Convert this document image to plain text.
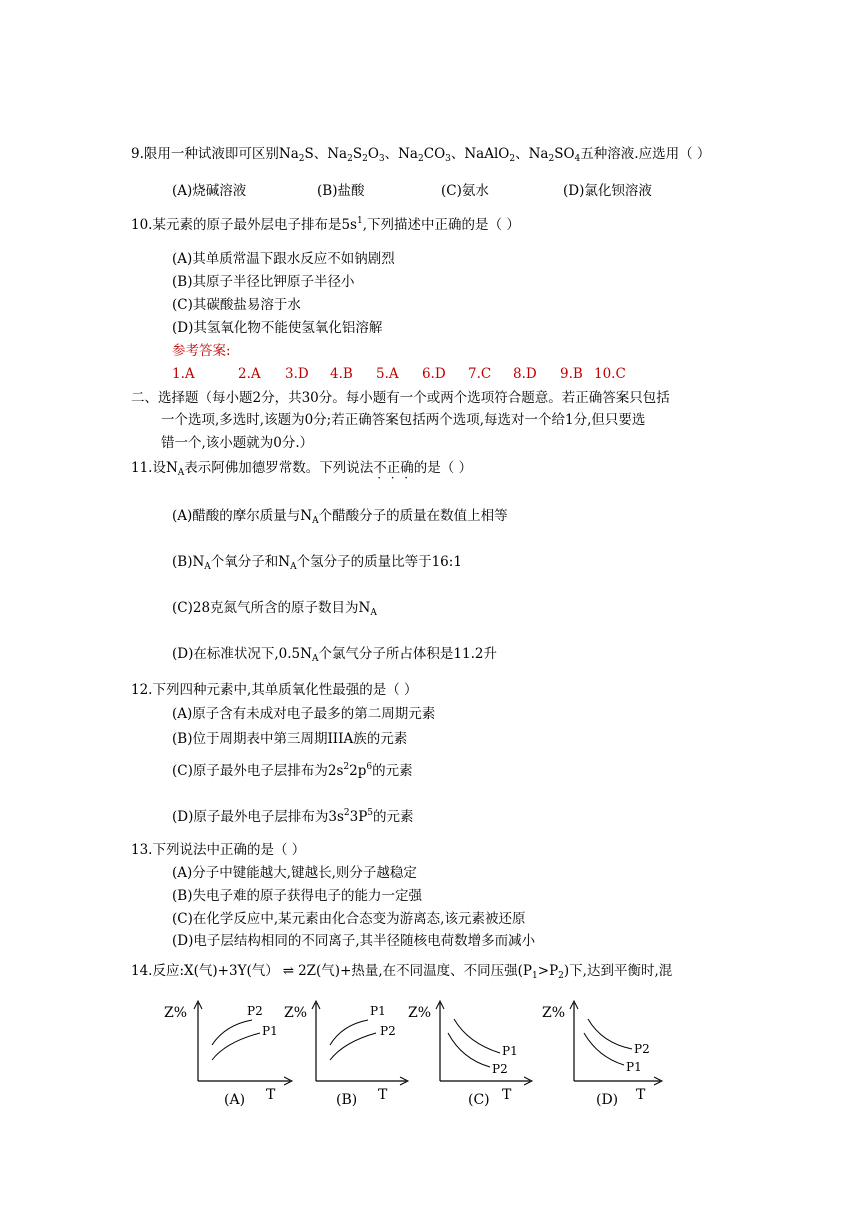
9.限用一种试液即可区别$Na_2S$、$Na_2S_2O_3$、$Na_2CO_3$、NaAlO$_2$、$Na_2SO_4$五种溶液.应选用（ ）
(A)烧碱溶液	(B)盐酸	(C)氨水	(D)氯化钡溶液
10.某元素的原子最外层电子排布是$5s^1$,下列描述中正确的是（ ）
(A)其单质常温下跟水反应不如钠剧烈
(B)其原子半径比钾原子半径小
(C)其碳酸盐易溶于水
(D)其氢氧化物不能使氢氧化铝溶解
参考答案:
1.A	2.A 3.D 4.B 5.A 6.D 7.C 8.D 9.B 10.C
二、选择题（每小题2分，共30分。每小题有一个或两个选项符合题意。若正确答案只包括
一个选项,多选时,该题为0分;若正确答案包括两个选项,每选对一个给1分,但只要选
错一个,该小题就为0分.）
11.设$N_A$表示阿佛加德罗常数。下列说法不正确的是（ ）
(A)醋酸的摩尔质量与$N_A$个醋酸分子的质量在数值上相等
$(B)N_A$个氧分子和$N_A$个氢分子的质量比等于16:1
(C)28克氮气所含的原子数目为$N_A$
(D)在标准状况下$,0.5N_A$个氯气分子所占体积是11.2升
12.下列四种元素中,其单质氧化性最强的是（ ）
(A)原子含有未成对电子最多的第二周期元素
(B)位于周期表中第三周期IIIA族的元素
(C)原子最外电子层排布为$2s^22p^6$的元素
(D)原子最外电子层排布为$3s^23P^5$的元素
13.下列说法中正确的是（ ）
(A)分子中键能越大,键越长,则分子越稳定
(B)失电子难的原子获得电子的能力一定强
(C)在化学反应中,某元素由化合态变为游离态,该元素被还原
(D)电子层结构相同的不同离子,其半径随核电荷数增多而减小
14.反应:X(气)+3Y(气） ⇌ 2Z(气)+热量,在不同温度、不同压强$(P_1>P_2)$下,达到平衡时,混
Z%
T
(A)
P2
P1
Z%
T
(B)
P1
P2
Z%
T
(C)
P1
P2
Z%
T
(D)
P2
P1
